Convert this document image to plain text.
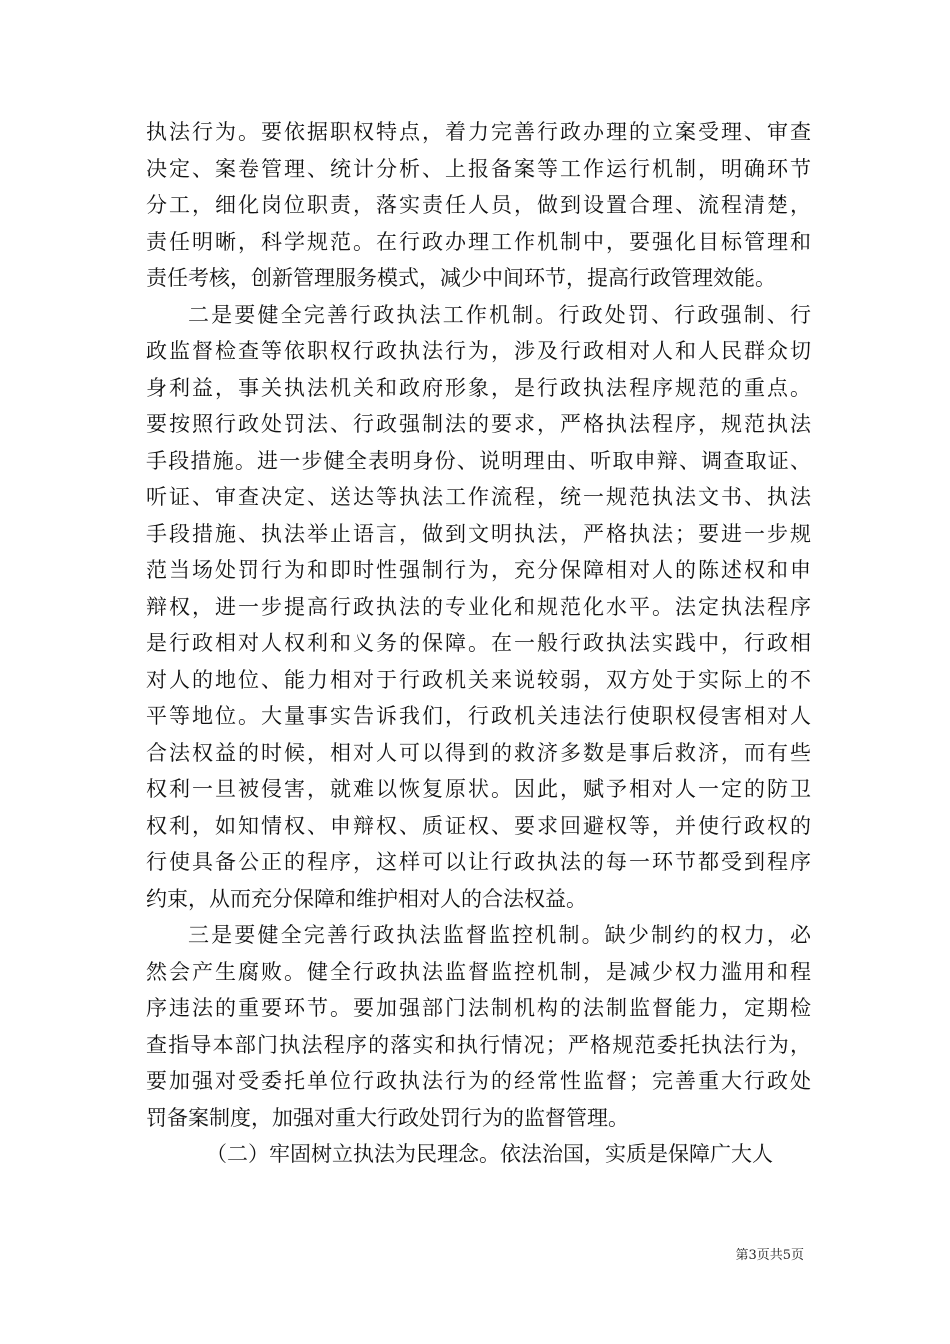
执法行为。要依据职权特点，着力完善行政办理的立案受理、审查
决定、案卷管理、统计分析、上报备案等工作运行机制，明确环节
分工，细化岗位职责，落实责任人员，做到设置合理、流程清楚，
责任明晰，科学规范。在行政办理工作机制中，要强化目标管理和
责任考核，创新管理服务模式，减少中间环节，提高行政管理效能。
二是要健全完善行政执法工作机制。行政处罚、行政强制、行
政监督检查等依职权行政执法行为，涉及行政相对人和人民群众切
身利益，事关执法机关和政府形象，是行政执法程序规范的重点。
要按照行政处罚法、行政强制法的要求，严格执法程序，规范执法
手段措施。进一步健全表明身份、说明理由、听取申辩、调查取证、
听证、审查决定、送达等执法工作流程，统一规范执法文书、执法
手段措施、执法举止语言，做到文明执法，严格执法；要进一步规
范当场处罚行为和即时性强制行为，充分保障相对人的陈述权和申
辩权，进一步提高行政执法的专业化和规范化水平。法定执法程序
是行政相对人权利和义务的保障。在一般行政执法实践中，行政相
对人的地位、能力相对于行政机关来说较弱，双方处于实际上的不
平等地位。大量事实告诉我们，行政机关违法行使职权侵害相对人
合法权益的时候，相对人可以得到的救济多数是事后救济，而有些
权利一旦被侵害，就难以恢复原状。因此，赋予相对人一定的防卫
权利，如知情权、申辩权、质证权、要求回避权等，并使行政权的
行使具备公正的程序，这样可以让行政执法的每一环节都受到程序
约束，从而充分保障和维护相对人的合法权益。
三是要健全完善行政执法监督监控机制。缺少制约的权力，必
然会产生腐败。健全行政执法监督监控机制，是减少权力滥用和程
序违法的重要环节。要加强部门法制机构的法制监督能力，定期检
查指导本部门执法程序的落实和执行情况；严格规范委托执法行为，
要加强对受委托单位行政执法行为的经常性监督；完善重大行政处
罚备案制度，加强对重大行政处罚行为的监督管理。
（二）牢固树立执法为民理念。依法治国，实质是保障广大人
第3页共5页
